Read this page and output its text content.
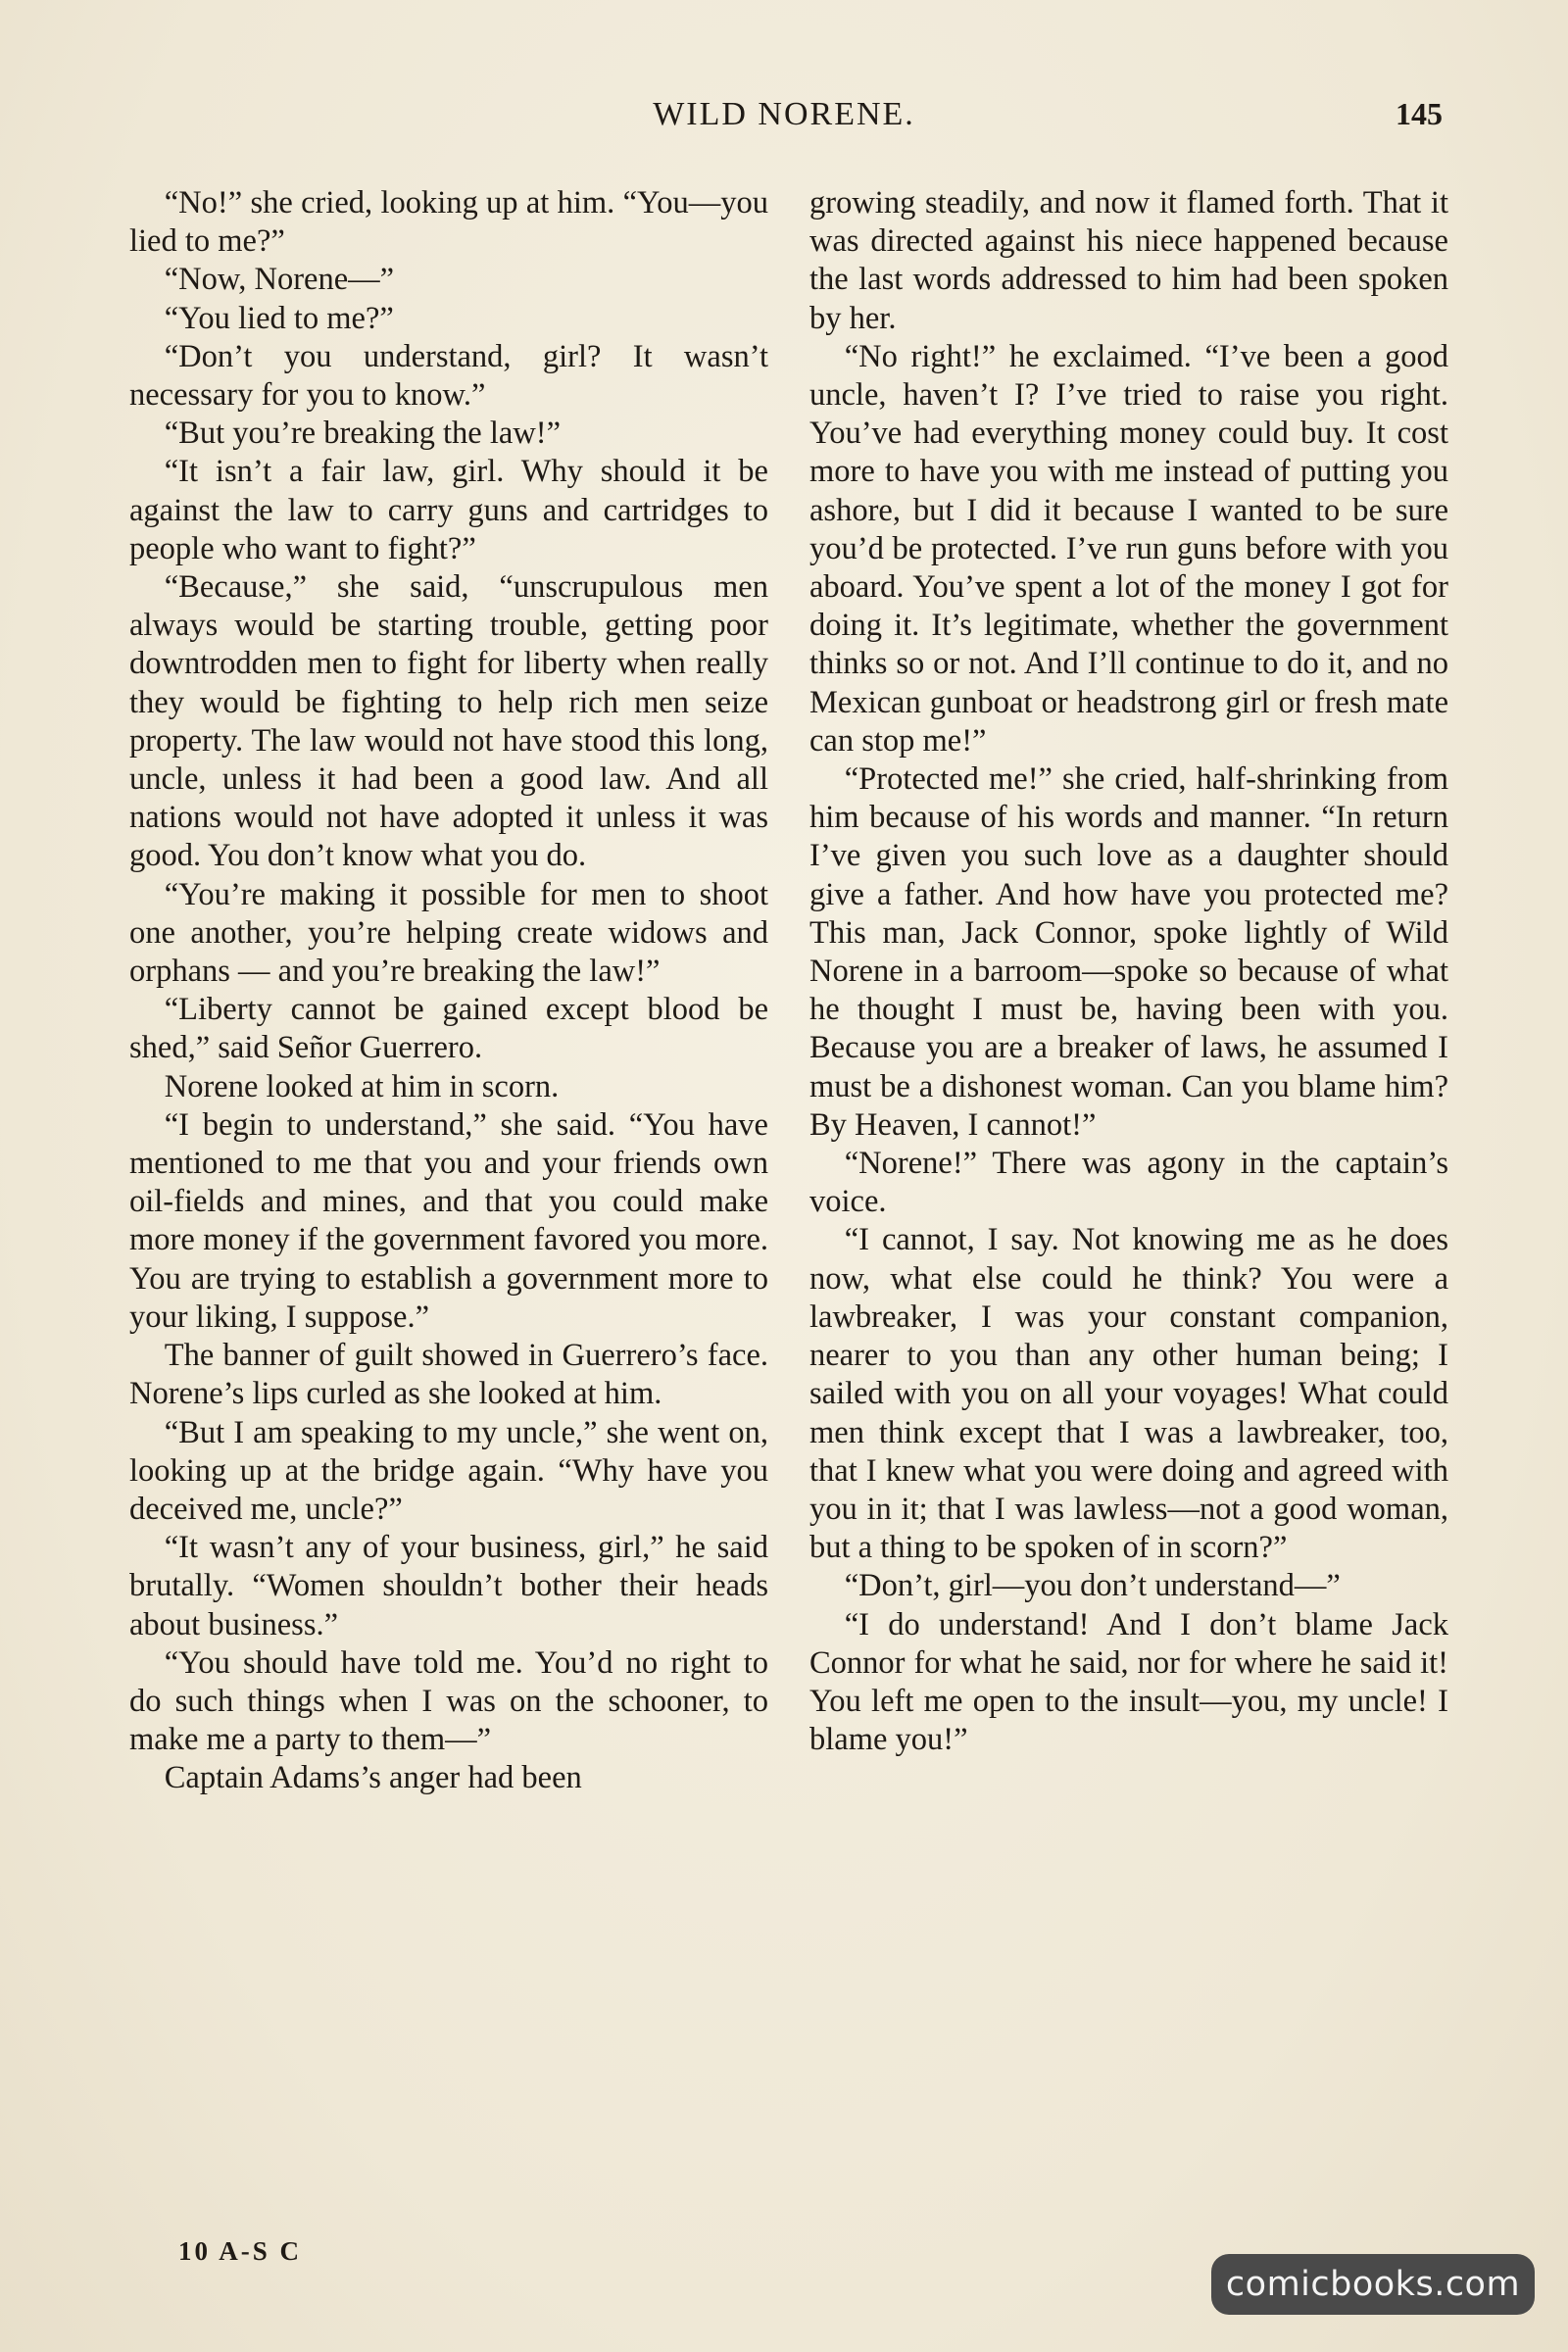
WILD NORENE.	145

“No!” she cried, looking up at him. “You—you lied to me?”

“Now, Norene—”

“You lied to me?”

“Don’t you understand, girl? It wasn’t necessary for you to know.”

“But you’re breaking the law!”

“It isn’t a fair law, girl. Why should it be against the law to carry guns and cartridges to people who want to fight?”

“Because,” she said, “unscrupulous men always would be starting trouble, getting poor downtrodden men to fight for liberty when really they would be fighting to help rich men seize property. The law would not have stood this long, uncle, unless it had been a good law. And all nations would not have adopted it unless it was good. You don’t know what you do.

“You’re making it possible for men to shoot one another, you’re helping create widows and orphans — and you’re breaking the law!”

“Liberty cannot be gained except blood be shed,” said Señor Guerrero.

Norene looked at him in scorn.

“I begin to understand,” she said. “You have mentioned to me that you and your friends own oil-fields and mines, and that you could make more money if the government favored you more. You are trying to establish a government more to your liking, I suppose.”

The banner of guilt showed in Guerrero’s face. Norene’s lips curled as she looked at him.

“But I am speaking to my uncle,” she went on, looking up at the bridge again. “Why have you deceived me, uncle?”

“It wasn’t any of your business, girl,” he said brutally. “Women shouldn’t bother their heads about business.”

“You should have told me. You’d no right to do such things when I was on the schooner, to make me a party to them—”

Captain Adams’s anger had been

growing steadily, and now it flamed forth. That it was directed against his niece happened because the last words addressed to him had been spoken by her.

“No right!” he exclaimed. “I’ve been a good uncle, haven’t I? I’ve tried to raise you right. You’ve had everything money could buy. It cost more to have you with me instead of putting you ashore, but I did it because I wanted to be sure you’d be protected. I’ve run guns before with you aboard. You’ve spent a lot of the money I got for doing it. It’s legitimate, whether the government thinks so or not. And I’ll continue to do it, and no Mexican gunboat or headstrong girl or fresh mate can stop me!”

“Protected me!” she cried, half-shrinking from him because of his words and manner. “In return I’ve given you such love as a daughter should give a father. And how have you protected me? This man, Jack Connor, spoke lightly of Wild Norene in a barroom—spoke so because of what he thought I must be, having been with you. Because you are a breaker of laws, he assumed I must be a dishonest woman. Can you blame him? By Heaven, I cannot!”

“Norene!” There was agony in the captain’s voice.

“I cannot, I say. Not knowing me as he does now, what else could he think? You were a lawbreaker, I was your constant companion, nearer to you than any other human being; I sailed with you on all your voyages! What could men think except that I was a lawbreaker, too, that I knew what you were doing and agreed with you in it; that I was lawless—not a good woman, but a thing to be spoken of in scorn?”

“Don’t, girl—you don’t understand—”

“I do understand! And I don’t blame Jack Connor for what he said, nor for where he said it! You left me open to the insult—you, my uncle! I blame you!”

10 A-S C
comicbooks.com
